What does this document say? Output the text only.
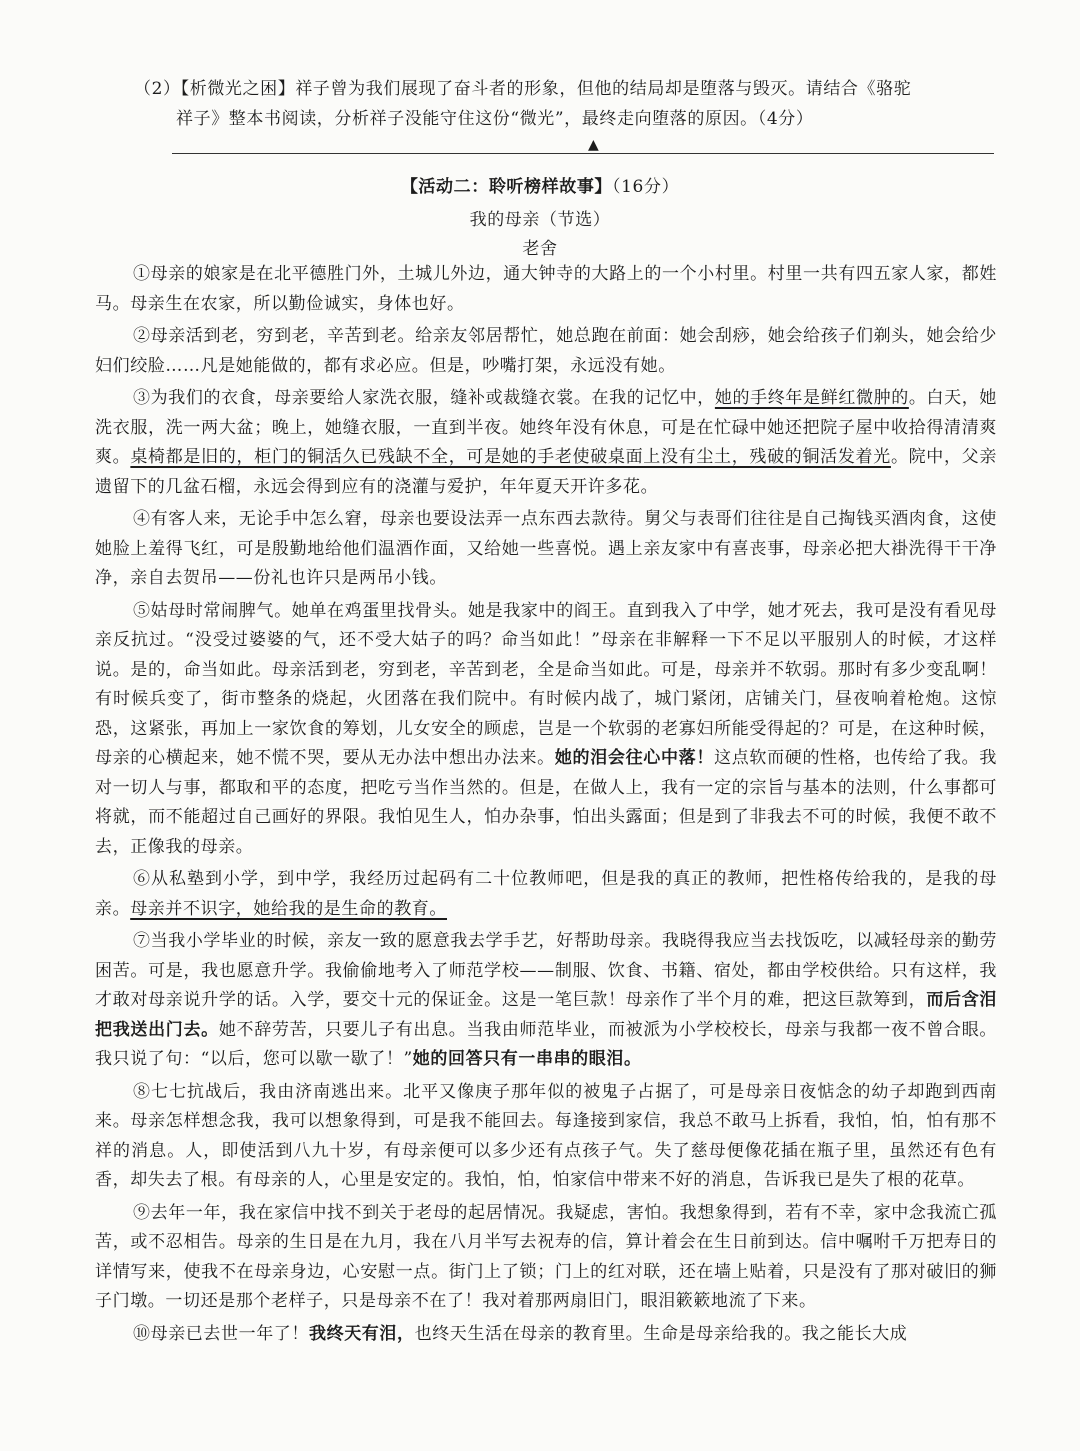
（2）【析微光之困】祥子曾为我们展现了奋斗者的形象，但他的结局却是堕落与毁灭。请结合《骆驼
祥子》整本书阅读，分析祥子没能守住这份“微光”，最终走向堕落的原因。（4分）
▲
【活动二：聆听榜样故事】（16分）
我的母亲（节选）
老舍

①母亲的娘家是在北平德胜门外，土城儿外边，通大钟寺的大路上的一个小村里。村里一共有四五家人家，都姓马。母亲生在农家，所以勤俭诚实，身体也好。

②母亲活到老，穷到老，辛苦到老。给亲友邻居帮忙，她总跑在前面：她会刮痧，她会给孩子们剃头，她会给少妇们绞脸……凡是她能做的，都有求必应。但是，吵嘴打架，永远没有她。

③为我们的衣食，母亲要给人家洗衣服，缝补或裁缝衣裳。在我的记忆中，她的手终年是鲜红微肿的。白天，她洗衣服，洗一两大盆；晚上，她缝衣服，一直到半夜。她终年没有休息，可是在忙碌中她还把院子屋中收拾得清清爽爽。桌椅都是旧的，柜门的铜活久已残缺不全，可是她的手老使破桌面上没有尘土，残破的铜活发着光。院中，父亲遗留下的几盆石榴，永远会得到应有的浇灌与爱护，年年夏天开许多花。

④有客人来，无论手中怎么窘，母亲也要设法弄一点东西去款待。舅父与表哥们往往是自己掏钱买酒肉食，这使她脸上羞得飞红，可是殷勤地给他们温酒作面，又给她一些喜悦。遇上亲友家中有喜丧事，母亲必把大褂洗得干干净净，亲自去贺吊——份礼也许只是两吊小钱。

⑤姑母时常闹脾气。她单在鸡蛋里找骨头。她是我家中的阎王。直到我入了中学，她才死去，我可是没有看见母亲反抗过。“没受过婆婆的气，还不受大姑子的吗？命当如此！”母亲在非解释一下不足以平服别人的时候，才这样说。是的，命当如此。母亲活到老，穷到老，辛苦到老，全是命当如此。可是，母亲并不软弱。那时有多少变乱啊！有时候兵变了，街市整条的烧起，火团落在我们院中。有时候内战了，城门紧闭，店铺关门，昼夜响着枪炮。这惊恐，这紧张，再加上一家饮食的筹划，儿女安全的顾虑，岂是一个软弱的老寡妇所能受得起的？可是，在这种时候，母亲的心横起来，她不慌不哭，要从无办法中想出办法来。她的泪会往心中落！这点软而硬的性格，也传给了我。我对一切人与事，都取和平的态度，把吃亏当作当然的。但是，在做人上，我有一定的宗旨与基本的法则，什么事都可将就，而不能超过自己画好的界限。我怕见生人，怕办杂事，怕出头露面；但是到了非我去不可的时候，我便不敢不去，正像我的母亲。

⑥从私塾到小学，到中学，我经历过起码有二十位教师吧，但是我的真正的教师，把性格传给我的，是我的母亲。母亲并不识字，她给我的是生命的教育。

⑦当我小学毕业的时候，亲友一致的愿意我去学手艺，好帮助母亲。我晓得我应当去找饭吃，以减轻母亲的勤劳困苦。可是，我也愿意升学。我偷偷地考入了师范学校——制服、饮食、书籍、宿处，都由学校供给。只有这样，我才敢对母亲说升学的话。入学，要交十元的保证金。这是一笔巨款！母亲作了半个月的难，把这巨款筹到，而后含泪把我送出门去。她不辞劳苦，只要儿子有出息。当我由师范毕业，而被派为小学校校长，母亲与我都一夜不曾合眼。我只说了句：“以后，您可以歇一歇了！”她的回答只有一串串的眼泪。

⑧七七抗战后，我由济南逃出来。北平又像庚子那年似的被鬼子占据了，可是母亲日夜惦念的幼子却跑到西南来。母亲怎样想念我，我可以想象得到，可是我不能回去。每逢接到家信，我总不敢马上拆看，我怕，怕，怕有那不祥的消息。人，即使活到八九十岁，有母亲便可以多少还有点孩子气。失了慈母便像花插在瓶子里，虽然还有色有香，却失去了根。有母亲的人，心里是安定的。我怕，怕，怕家信中带来不好的消息，告诉我已是失了根的花草。

⑨去年一年，我在家信中找不到关于老母的起居情况。我疑虑，害怕。我想象得到，若有不幸，家中念我流亡孤苦，或不忍相告。母亲的生日是在九月，我在八月半写去祝寿的信，算计着会在生日前到达。信中嘱咐千万把寿日的详情写来，使我不在母亲身边，心安慰一点。街门上了锁；门上的红对联，还在墙上贴着，只是没有了那对破旧的狮子门墩。一切还是那个老样子，只是母亲不在了！我对着那两扇旧门，眼泪簌簌地流了下来。

⑩母亲已去世一年了！我终天有泪，也终天生活在母亲的教育里。生命是母亲给我的。我之能长大成
